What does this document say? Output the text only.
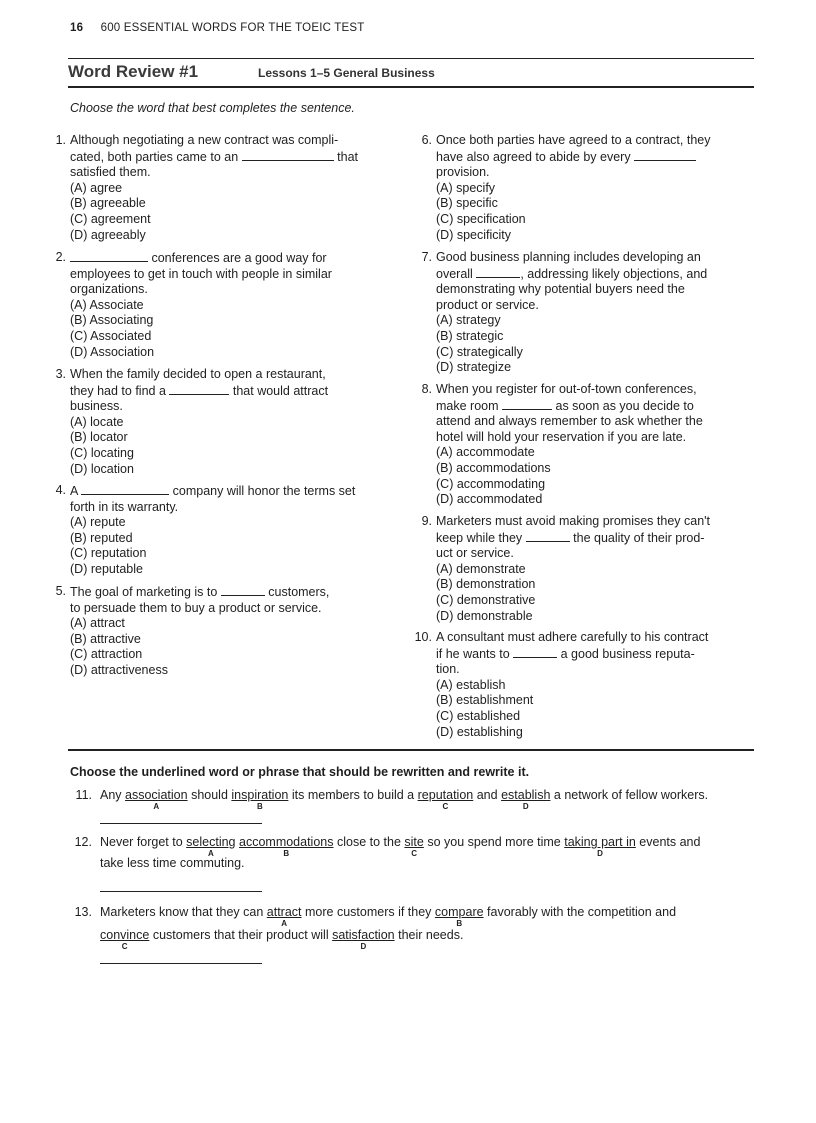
16 600 ESSENTIAL WORDS FOR THE TOEIC TEST
Word Review #1	Lessons 1–5 General Business
Choose the word that best completes the sentence.
1. Although negotiating a new contract was compli-
cated, both parties came to an	that
satisfied them.
(A) agree
(B) agreeable
(C) agreement
(D) agreeably
2.	conferences are a good way for
employees to get in touch with people in similar
organizations.
(A) Associate
(B) Associating
(C) Associated
(D) Association
3. When the family decided to open a restaurant,
they had to find a	that would attract
business.
(A) locate
(B) locator
(C) locating
(D) location
4. A	company will honor the terms set
forth in its warranty.
(A) repute
(B) reputed
(C) reputation
(D) reputable
5. The goal of marketing is to	customers,
to persuade them to buy a product or service.
(A) attract
(B) attractive
(C) attraction
(D) attractiveness
6. Once both parties have agreed to a contract, they
have also agreed to abide by every
provision.
(A) specify
(B) specific
(C) specification
(D) specificity
7. Good business planning includes developing an
overall	, addressing likely objections, and
demonstrating why potential buyers need the
product or service.
(A) strategy
(B) strategic
(C) strategically
(D) strategize
8. When you register for out-of-town conferences,
make room	as soon as you decide to
attend and always remember to ask whether the
hotel will hold your reservation if you are late.
(A) accommodate
(B) accommodations
(C) accommodating
(D) accommodated
9. Marketers must avoid making promises they can't
keep while they	the quality of their prod-
uct or service.
(A) demonstrate
(B) demonstration
(C) demonstrative
(D) demonstrable
10. A consultant must adhere carefully to his contract
if he wants to	a good business reputa-
tion.
(A) establish
(B) establishment
(C) established
(D) establishing
Choose the underlined word or phrase that should be rewritten and rewrite it.
11. Any association
A
should inspiration
B
its members to build a reputation
C
and establish
D
a network of fellow workers.
12. Never forget to selecting
A
accommodations
B
close to the site
C
so you spend more time taking part in
D
events and
take less time commuting.
13. Marketers know that they can attract
A
more customers if they compare
B
favorably with the competition and
convince
C
customers that their product will satisfaction
D
their needs.
